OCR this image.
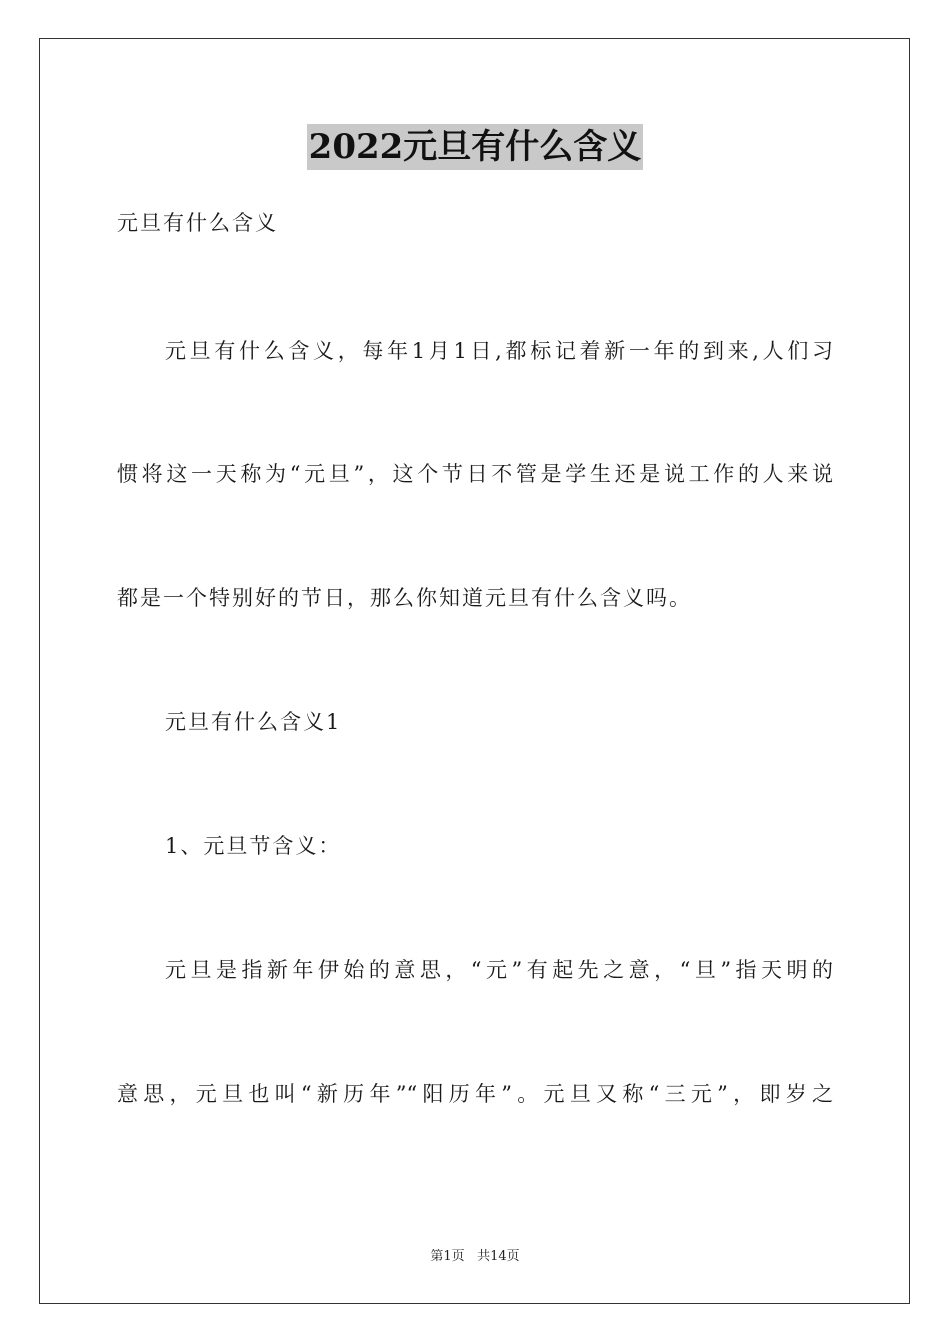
2022元旦有什么含义
元旦有什么含义
元旦有什么含义，每年1月1日,都标记着新一年的到来,人们习
惯将这一天称为“元旦”，这个节日不管是学生还是说工作的人来说
都是一个特别好的节日，那么你知道元旦有什么含义吗。
元旦有什么含义1
1、元旦节含义：
元旦是指新年伊始的意思，“元”有起先之意，“旦”指天明的
意思，元旦也叫“新历年”“阳历年”。元旦又称“三元”，即岁之
第1页 共14页
